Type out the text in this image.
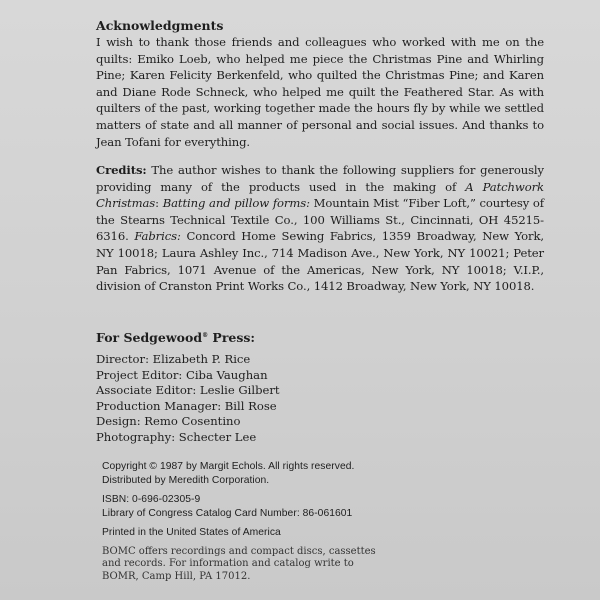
Acknowledgments

I wish to thank those friends and colleagues who worked with me on the quilts: Emiko Loeb, who helped me piece the Christmas Pine and Whirling Pine; Karen Felicity Berkenfeld, who quilted the Christmas Pine; and Karen and Diane Rode Schneck, who helped me quilt the Feathered Star. As with quilters of the past, working together made the hours fly by while we settled matters of state and all manner of personal and social issues. And thanks to Jean Tofani for everything.

Credits: The author wishes to thank the following suppliers for generously providing many of the products used in the making of A Patchwork Christmas: Batting and pillow forms: Mountain Mist “Fiber Loft,” courtesy of the Stearns Technical Textile Co., 100 Williams St., Cincinnati, OH 45215-6316. Fabrics: Concord Home Sewing Fabrics, 1359 Broadway, New York, NY 10018; Laura Ashley Inc., 714 Madison Ave., New York, NY 10021; Peter Pan Fabrics, 1071 Avenue of the Americas, New York, NY 10018; V.I.P., division of Cranston Print Works Co., 1412 Broadway, New York, NY 10018.

For Sedgewood® Press:

Director: Elizabeth P. Rice

Project Editor: Ciba Vaughan

Associate Editor: Leslie Gilbert

Production Manager: Bill Rose

Design: Remo Cosentino

Photography: Schecter Lee

Copyright © 1987 by Margit Echols. All rights reserved.

Distributed by Meredith Corporation.

ISBN: 0-696-02305-9

Library of Congress Catalog Card Number: 86-061601

Printed in the United States of America

BOMC offers recordings and compact discs, cassettes

and records. For information and catalog write to

BOMR, Camp Hill, PA 17012.
